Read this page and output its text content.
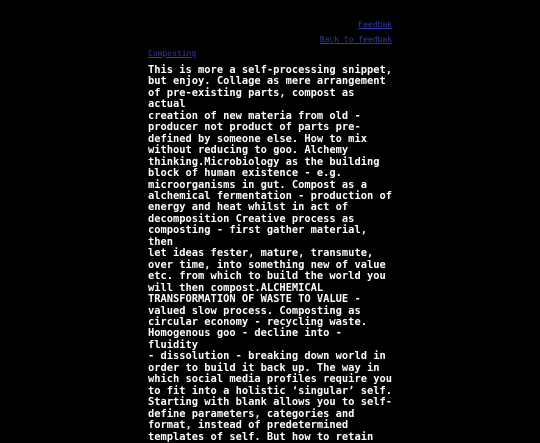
Feedbak
Back to feedbak
Composting
This is more a self-processing snippet,
but enjoy. Collage as mere arrangement
of pre-existing parts, compost as actual
creation of new materia from old -
producer not product of parts pre-
defined by someone else. How to mix
without reducing to goo. Alchemy
thinking.Microbiology as the building
block of human existence - e.g.
microorganisms in gut. Compost as a
alchemical fermentation - production of
energy and heat whilst in act of
decomposition Creative process as
composting - first gather material, then
let ideas fester, mature, transmute,
over time, into something new of value
etc. from which to build the world you
will then compost.ALCHEMICAL
TRANSFORMATION OF WASTE TO VALUE -
valued slow process. Composting as
circular economy - recycling waste.
Homogenous goo - decline into - fluidity
- dissolution - breaking down world in
order to build it back up. The way in
which social media profiles require you
to fit into a holistic ‘singular’ self.
Starting with blank allows you to self-
define parameters, categories and
format, instead of predetermined
templates of self. But how to retain
